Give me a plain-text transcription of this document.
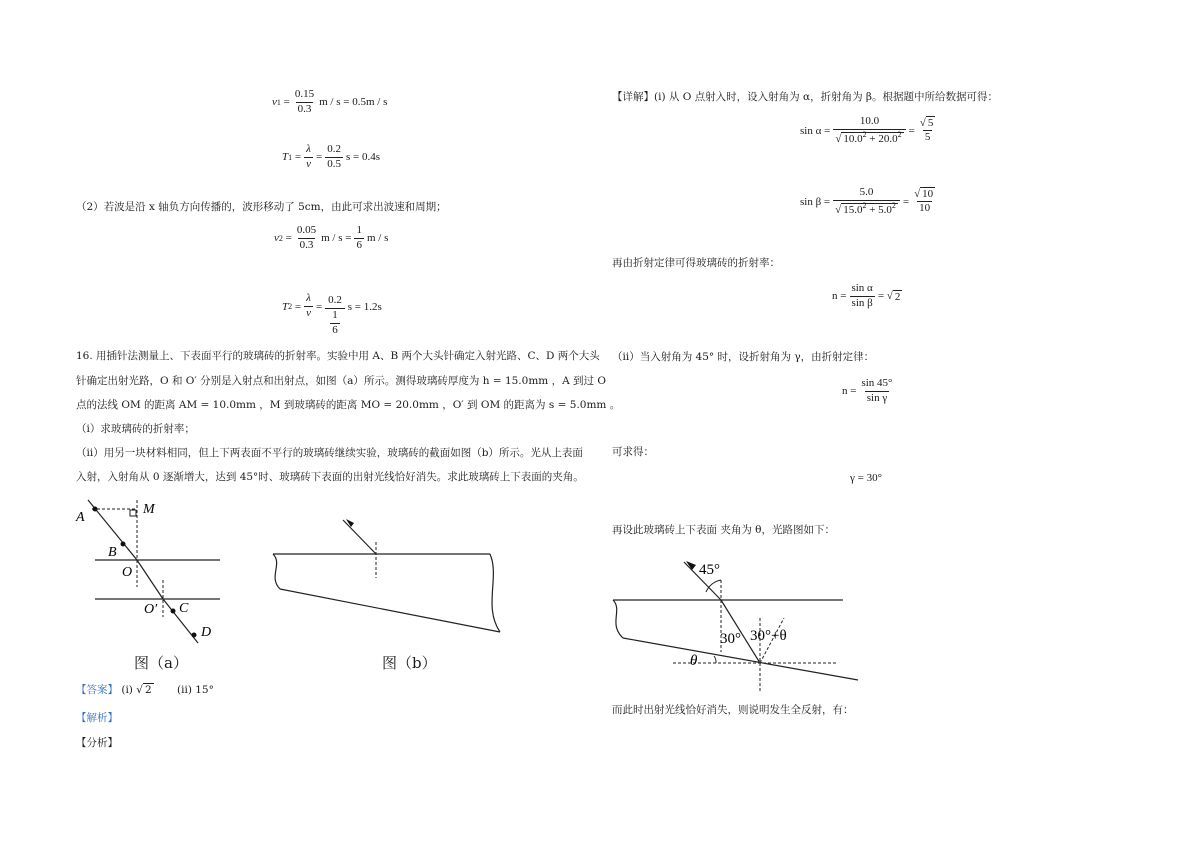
v $1 = \frac{0.15}{0.3}$ m / s = 0.5m / s
T $1 = \frac{\lambda}{v} = \frac{0.2}{0.5}$ s = 0.4s
（2）若波是沿 x 轴负方向传播的，波形移动了 5cm，由此可求出波速和周期；
v $2 = \frac{0.05}{0.3}$ $m / s = \frac{1}{6}$ m / s
T $2 = \frac{\lambda}{v} = \frac{0.2}{\frac{1}{6}}$ s = 1.2s
16. 用插针法测量上、下表面平行的玻璃砖的折射率。实验中用 A、B 两个大头针确定入射光路、C、D 两个大头
针确定出射光路，O 和 O′ 分别是入射点和出射点，如图（a）所示。测得玻璃砖厚度为 h = 15.0mm ，A 到过 O
点的法线 OM 的距离 AM = 10.0mm ，M 到玻璃砖的距离 MO = 20.0mm ，O′ 到 OM 的距离为 s = 5.0mm 。
（ⅰ）求玻璃砖的折射率；
（ⅱ）用另一块材料相同，但上下两表面不平行的玻璃砖继续实验，玻璃砖的截面如图（b）所示。光从上表面
入射，入射角从 0 逐渐增大，达到 45°时、玻璃砖下表面的出射光线恰好消失。求此玻璃砖上下表面的夹角。
A
M
B
O
O′ C
D
图（a）	图（b）
【答案】 (ⅰ) √ 2 (ⅱ) 15°
【解析】
【分析】
【详解】(ⅰ) 从 O 点射入时，设入射角为 α，折射角为 β。根据题中所给数据可得：
$\sin \alpha = \frac{10.0}{√ 10.0^2 + 20.0^2} = \frac{√ 5}{5}$
$\sin \beta = \frac{5.0}{√ 15.0^2 + 5.0^2} = \frac{√ 10}{10}$
再由折射定律可得玻璃砖的折射率：
$n = \frac{\text{sin α}}{\text{sin β}}$ = √ 2
（ⅱ）当入射角为 45° 时，设折射角为 γ，由折射定律：
$n = \frac{\sin 45^\circ}{\text{sin γ}}$
可求得：
γ = 30°
再设此玻璃砖上下表面 夹角为 θ，光路图如下：
45°
30° 30°+θ
θ
而此时出射光线恰好消失，则说明发生全反射，有：
